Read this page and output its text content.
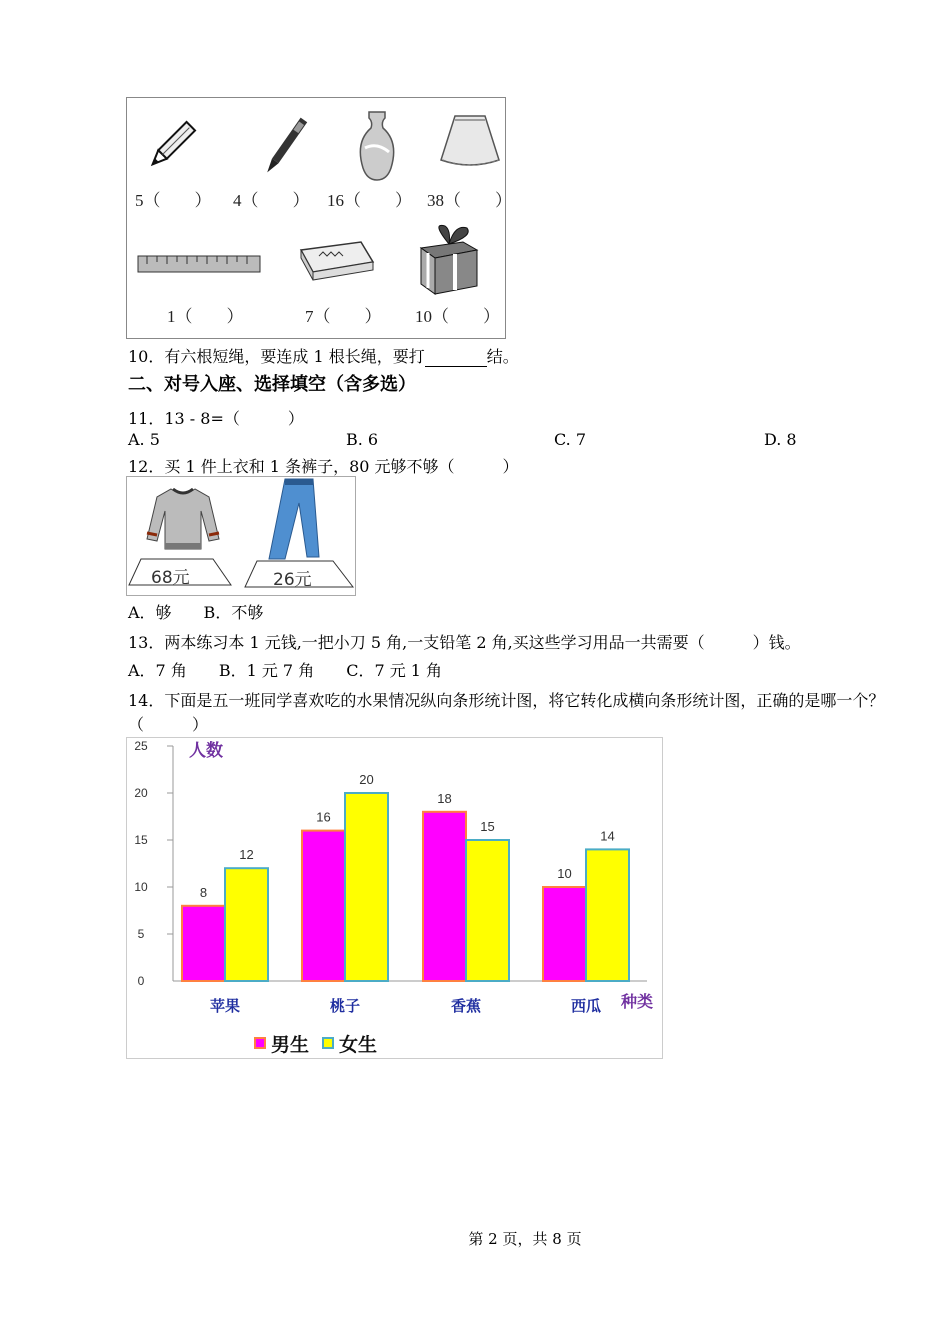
5（　　） 4（　　） 16（　　） 38（　　）
1（　　）	7（　　） 10（　　）
10．有六根短绳，要连成 1 根长绳，要打	结。
二、对号入座、选择填空（含多选）
11．13 - 8=（　　　）
A. 5	B. 6	C. 7	D. 8
12．买 1 件上衣和 1 条裤子，80 元够不够（　　　）
68元	26元
A．够　　B．不够
13．两本练习本 1 元钱,一把小刀 5 角,一支铅笔 2 角,买这些学习用品一共需要（　　　）钱。
A．7 角　　B．1 元 7 角　　C．7 元 1 角
14．下面是五一班同学喜欢吃的水果情况纵向条形统计图，将它转化成横向条形统计图，正确的是哪一个？
（　　　）
0
5
10
15
20
25 人数
8
12
苹果
16
20
桃子
18
15
香蕉
10
14
西瓜 种类
男生 女生
第 2 页，共 8 页
